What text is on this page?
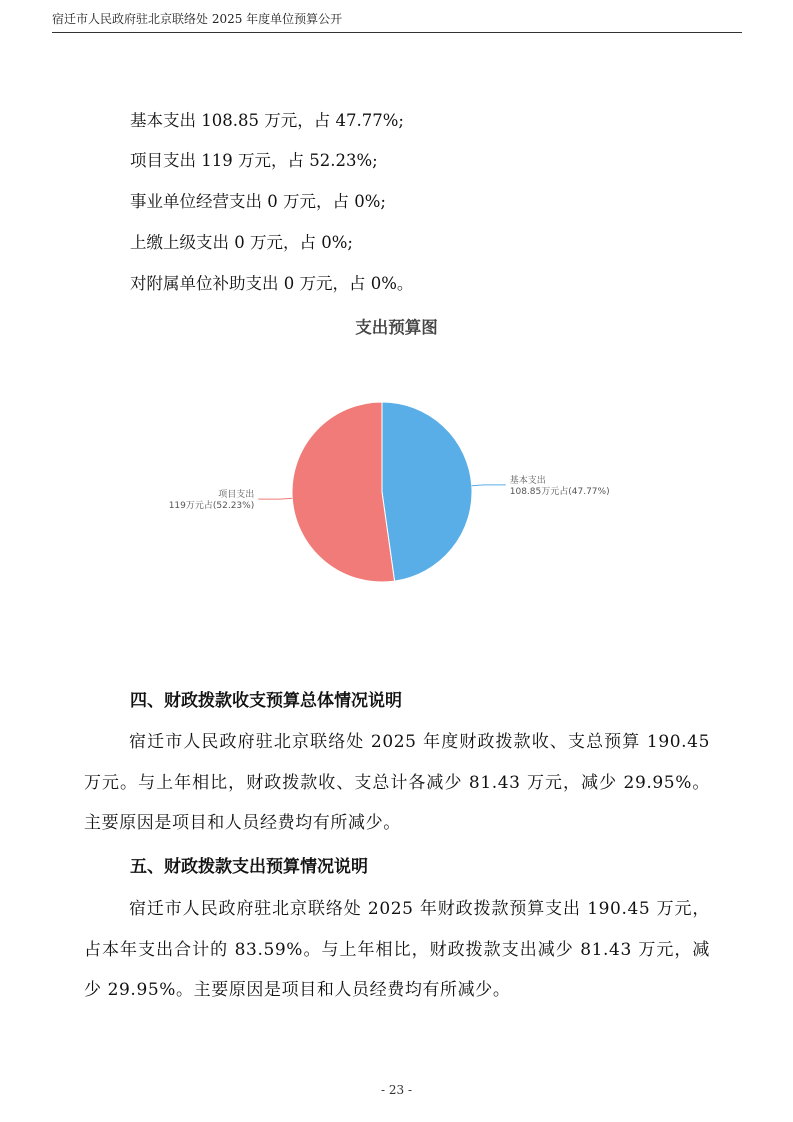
宿迁市人民政府驻北京联络处 2025 年度单位预算公开
基本支出 108.85 万元，占 47.77%;
项目支出 119 万元，占 52.23%;
事业单位经营支出 0 万元，占 0%;
上缴上级支出 0 万元，占 0%;
对附属单位补助支出 0 万元，占 0%。
支出预算图
基本支出
108.85万元占(47.77%)
项目支出
119万元占(52.23%)
四、财政拨款收支预算总体情况说明
宿迁市人民政府驻北京联络处 2025 年度财政拨款收、支总预算 190.45 万元。与上年相比，财政拨款收、支总计各减少 81.43 万元，减少 29.95%。主要原因是项目和人员经费均有所减少。
五、财政拨款支出预算情况说明
宿迁市人民政府驻北京联络处 2025 年财政拨款预算支出 190.45 万元，占本年支出合计的 83.59%。与上年相比，财政拨款支出减少 81.43 万元，减少 29.95%。主要原因是项目和人员经费均有所减少。
- 23 -
